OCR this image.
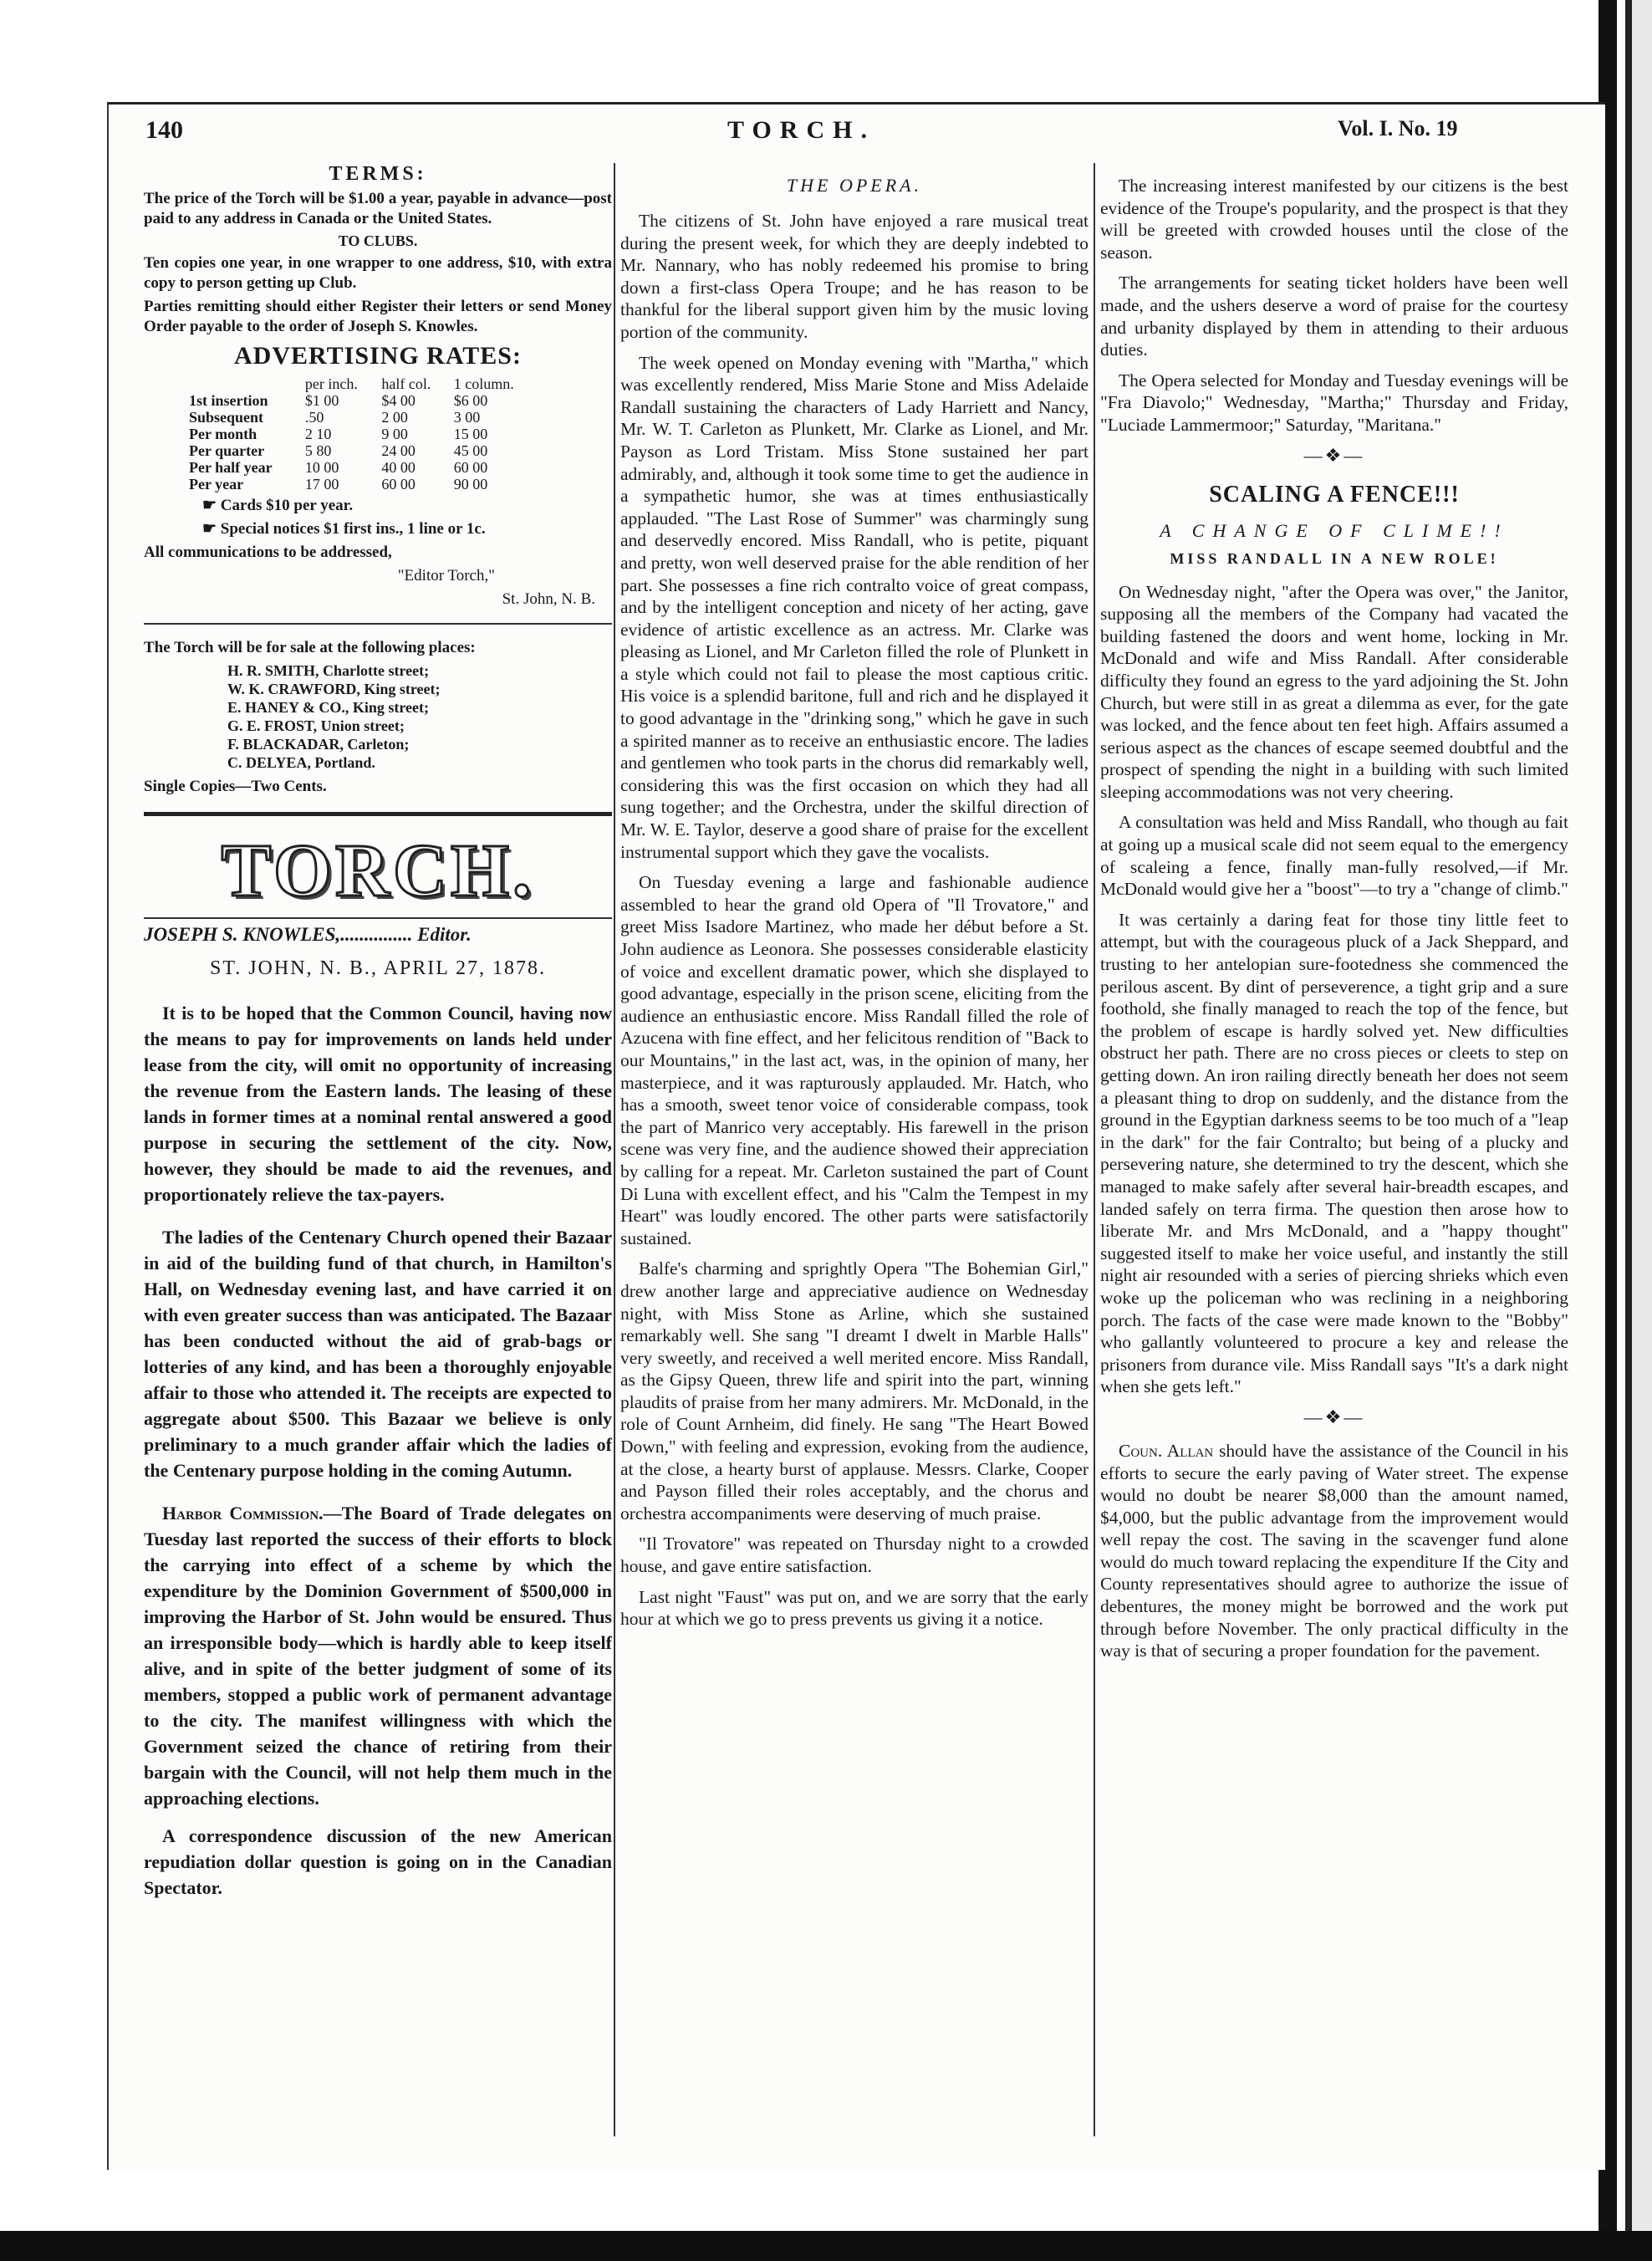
140	TORCH.	Vol. I. No. 19
TERMS:

The price of the Torch will be $1.00 a year, payable in advance—post paid to any address in Canada or the United States.

TO CLUBS.

Ten copies one year, in one wrapper to one address, $10, with extra copy to person getting up Club.

Parties remitting should either Register their letters or send Money Order payable to the order of Joseph S. Knowles.

ADVERTISING RATES:
	per inch.	half col.	1 column.
1st insertion	$1 00	$4 00	$6 00
Subsequent	.50	2 00	3 00
Per month	2 10	9 00	15 00
Per quarter	5 80	24 00	45 00
Per half year	10 00	40 00	60 00
Per year	17 00	60 00	90 00
☛ Cards $10 per year.
☛ Special notices $1 first ins., 1 line or 1c.
All communications to be addressed,
"Editor Torch,"
St. John, N. B.
The Torch will be for sale at the following places:
H. R. SMITH, Charlotte street;
W. K. CRAWFORD, King street;
E. HANEY & CO., King street;
G. E. FROST, Union street;
F. BLACKADAR, Carleton;
C. DELYEA, Portland.
Single Copies—Two Cents.
TORCH.
JOSEPH S. KNOWLES,............... Editor.
ST. JOHN, N. B., APRIL 27, 1878.

It is to be hoped that the Common Council, having now the means to pay for improvements on lands held under lease from the city, will omit no opportunity of increasing the revenue from the Eastern lands. The leasing of these lands in former times at a nominal rental answered a good purpose in securing the settlement of the city. Now, however, they should be made to aid the revenues, and proportionately relieve the tax-payers.

The ladies of the Centenary Church opened their Bazaar in aid of the building fund of that church, in Hamilton's Hall, on Wednesday evening last, and have carried it on with even greater success than was anticipated. The Bazaar has been conducted without the aid of grab-bags or lotteries of any kind, and has been a thoroughly enjoyable affair to those who attended it. The receipts are expected to aggregate about $500. This Bazaar we believe is only preliminary to a much grander affair which the ladies of the Centenary purpose holding in the coming Autumn.

Harbor Commission.—The Board of Trade delegates on Tuesday last reported the success of their efforts to block the carrying into effect of a scheme by which the expenditure by the Dominion Government of $500,000 in improving the Harbor of St. John would be ensured. Thus an irresponsible body—which is hardly able to keep itself alive, and in spite of the better judgment of some of its members, stopped a public work of permanent advantage to the city. The manifest willingness with which the Government seized the chance of retiring from their bargain with the Council, will not help them much in the approaching elections.

A correspondence discussion of the new American repudiation dollar question is going on in the Canadian Spectator.

THE OPERA.

The citizens of St. John have enjoyed a rare musical treat during the present week, for which they are deeply indebted to Mr. Nannary, who has nobly redeemed his promise to bring down a first-class Opera Troupe; and he has reason to be thankful for the liberal support given him by the music loving portion of the community.

The week opened on Monday evening with "Martha," which was excellently rendered, Miss Marie Stone and Miss Adelaide Randall sustaining the characters of Lady Harriett and Nancy, Mr. W. T. Carleton as Plunkett, Mr. Clarke as Lionel, and Mr. Payson as Lord Tristam. Miss Stone sustained her part admirably, and, although it took some time to get the audience in a sympathetic humor, she was at times enthusiastically applauded. "The Last Rose of Summer" was charmingly sung and deservedly encored. Miss Randall, who is petite, piquant and pretty, won well deserved praise for the able rendition of her part. She possesses a fine rich contralto voice of great compass, and by the intelligent conception and nicety of her acting, gave evidence of artistic excellence as an actress. Mr. Clarke was pleasing as Lionel, and Mr Carleton filled the role of Plunkett in a style which could not fail to please the most captious critic. His voice is a splendid baritone, full and rich and he displayed it to good advantage in the "drinking song," which he gave in such a spirited manner as to receive an enthusiastic encore. The ladies and gentlemen who took parts in the chorus did remarkably well, considering this was the first occasion on which they had all sung together; and the Orchestra, under the skilful direction of Mr. W. E. Taylor, deserve a good share of praise for the excellent instrumental support which they gave the vocalists.

On Tuesday evening a large and fashionable audience assembled to hear the grand old Opera of "Il Trovatore," and greet Miss Isadore Martinez, who made her début before a St. John audience as Leonora. She possesses considerable elasticity of voice and excellent dramatic power, which she displayed to good advantage, especially in the prison scene, eliciting from the audience an enthusiastic encore. Miss Randall filled the role of Azucena with fine effect, and her felicitous rendition of "Back to our Mountains," in the last act, was, in the opinion of many, her masterpiece, and it was rapturously applauded. Mr. Hatch, who has a smooth, sweet tenor voice of considerable compass, took the part of Manrico very acceptably. His farewell in the prison scene was very fine, and the audience showed their appreciation by calling for a repeat. Mr. Carleton sustained the part of Count Di Luna with excellent effect, and his "Calm the Tempest in my Heart" was loudly encored. The other parts were satisfactorily sustained.

Balfe's charming and sprightly Opera "The Bohemian Girl," drew another large and appreciative audience on Wednesday night, with Miss Stone as Arline, which she sustained remarkably well. She sang "I dreamt I dwelt in Marble Halls" very sweetly, and received a well merited encore. Miss Randall, as the Gipsy Queen, threw life and spirit into the part, winning plaudits of praise from her many admirers. Mr. McDonald, in the role of Count Arnheim, did finely. He sang "The Heart Bowed Down," with feeling and expression, evoking from the audience, at the close, a hearty burst of applause. Messrs. Clarke, Cooper and Payson filled their roles acceptably, and the chorus and orchestra accompaniments were deserving of much praise.

"Il Trovatore" was repeated on Thursday night to a crowded house, and gave entire satisfaction.

Last night "Faust" was put on, and we are sorry that the early hour at which we go to press prevents us giving it a notice.

The increasing interest manifested by our citizens is the best evidence of the Troupe's popularity, and the prospect is that they will be greeted with crowded houses until the close of the season.

The arrangements for seating ticket holders have been well made, and the ushers deserve a word of praise for the courtesy and urbanity displayed by them in attending to their arduous duties.

The Opera selected for Monday and Tuesday evenings will be "Fra Diavolo;" Wednesday, "Martha;" Thursday and Friday, "Luciade Lammermoor;" Saturday, "Maritana."

—❖—
SCALING A FENCE!!!
A CHANGE OF CLIME!!
MISS RANDALL IN A NEW ROLE!

On Wednesday night, "after the Opera was over," the Janitor, supposing all the members of the Company had vacated the building fastened the doors and went home, locking in Mr. McDonald and wife and Miss Randall. After considerable difficulty they found an egress to the yard adjoining the St. John Church, but were still in as great a dilemma as ever, for the gate was locked, and the fence about ten feet high. Affairs assumed a serious aspect as the chances of escape seemed doubtful and the prospect of spending the night in a building with such limited sleeping accommodations was not very cheering.

A consultation was held and Miss Randall, who though au fait at going up a musical scale did not seem equal to the emergency of scaleing a fence, finally man-fully resolved,—if Mr. McDonald would give her a "boost"—to try a "change of climb."

It was certainly a daring feat for those tiny little feet to attempt, but with the courageous pluck of a Jack Sheppard, and trusting to her antelopian sure-footedness she commenced the perilous ascent. By dint of perseverence, a tight grip and a sure foothold, she finally managed to reach the top of the fence, but the problem of escape is hardly solved yet. New difficulties obstruct her path. There are no cross pieces or cleets to step on getting down. An iron railing directly beneath her does not seem a pleasant thing to drop on suddenly, and the distance from the ground in the Egyptian darkness seems to be too much of a "leap in the dark" for the fair Contralto; but being of a plucky and persevering nature, she determined to try the descent, which she managed to make safely after several hair-breadth escapes, and landed safely on terra firma. The question then arose how to liberate Mr. and Mrs McDonald, and a "happy thought" suggested itself to make her voice useful, and instantly the still night air resounded with a series of piercing shrieks which even woke up the policeman who was reclining in a neighboring porch. The facts of the case were made known to the "Bobby" who gallantly volunteered to procure a key and release the prisoners from durance vile. Miss Randall says "It's a dark night when she gets left."

—❖—

Coun. Allan should have the assistance of the Council in his efforts to secure the early paving of Water street. The expense would no doubt be nearer $8,000 than the amount named, $4,000, but the public advantage from the improvement would well repay the cost. The saving in the scavenger fund alone would do much toward replacing the expenditure If the City and County representatives should agree to authorize the issue of debentures, the money might be borrowed and the work put through before November. The only practical difficulty in the way is that of securing a proper foundation for the pavement.
